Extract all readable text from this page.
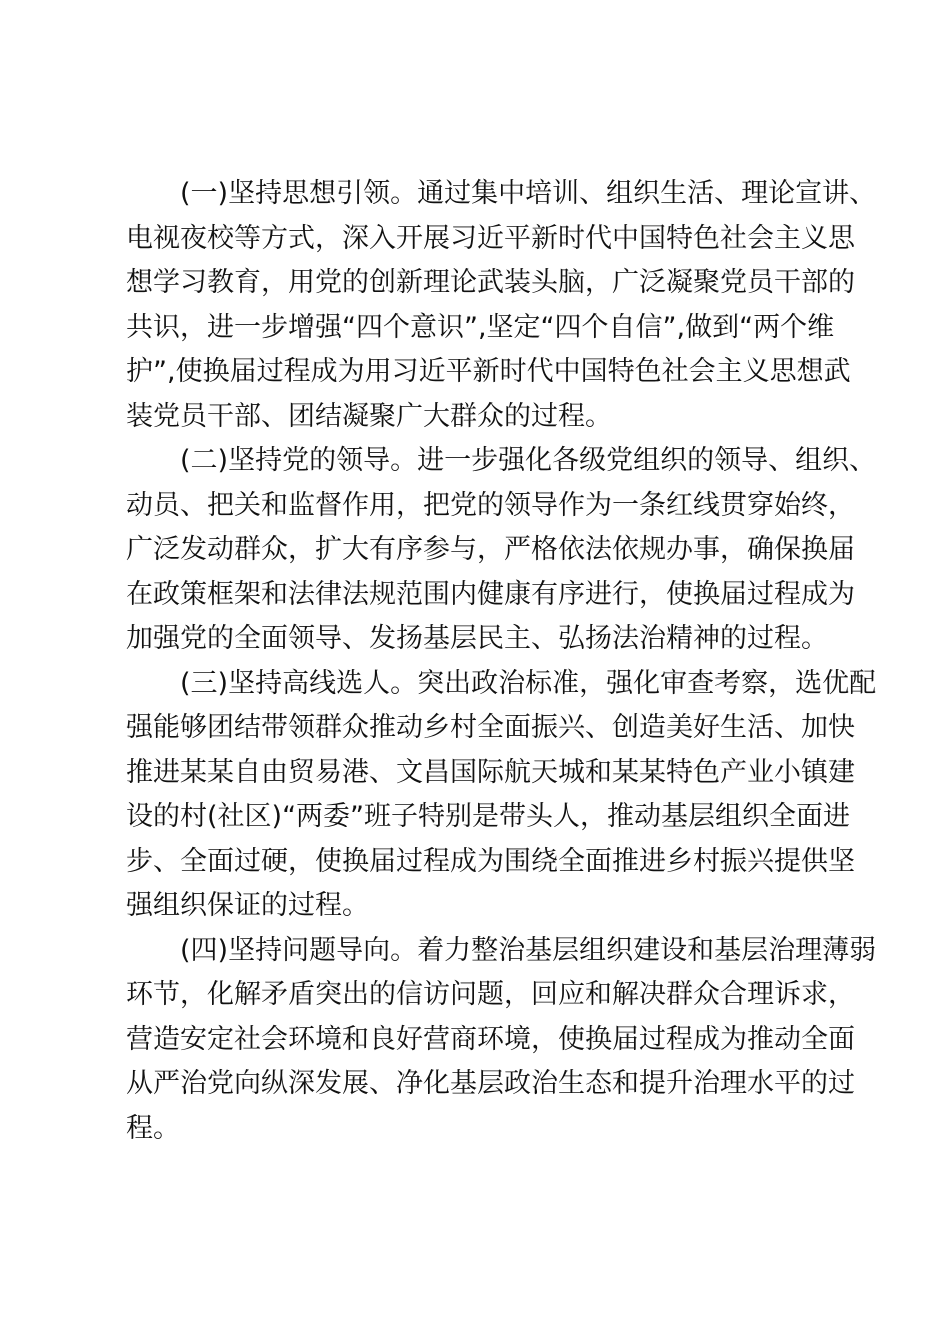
(一)坚持思想引领。通过集中培训、组织生活、理论宣讲、
电视夜校等方式，深入开展习近平新时代中国特色社会主义思
想学习教育，用党的创新理论武装头脑，广泛凝聚党员干部的
共识，进一步增强“四个意识”,坚定“四个自信”,做到“两个维
护”,使换届过程成为用习近平新时代中国特色社会主义思想武
装党员干部、团结凝聚广大群众的过程。
(二)坚持党的领导。进一步强化各级党组织的领导、组织、
动员、把关和监督作用，把党的领导作为一条红线贯穿始终，
广泛发动群众，扩大有序参与，严格依法依规办事，确保换届
在政策框架和法律法规范围内健康有序进行，使换届过程成为
加强党的全面领导、发扬基层民主、弘扬法治精神的过程。
(三)坚持高线选人。突出政治标准，强化审查考察，选优配
强能够团结带领群众推动乡村全面振兴、创造美好生活、加快
推进某某自由贸易港、文昌国际航天城和某某特色产业小镇建
设的村(社区)“两委”班子特别是带头人，推动基层组织全面进
步、全面过硬，使换届过程成为围绕全面推进乡村振兴提供坚
强组织保证的过程。
(四)坚持问题导向。着力整治基层组织建设和基层治理薄弱
环节，化解矛盾突出的信访问题，回应和解决群众合理诉求，
营造安定社会环境和良好营商环境，使换届过程成为推动全面
从严治党向纵深发展、净化基层政治生态和提升治理水平的过
程。
